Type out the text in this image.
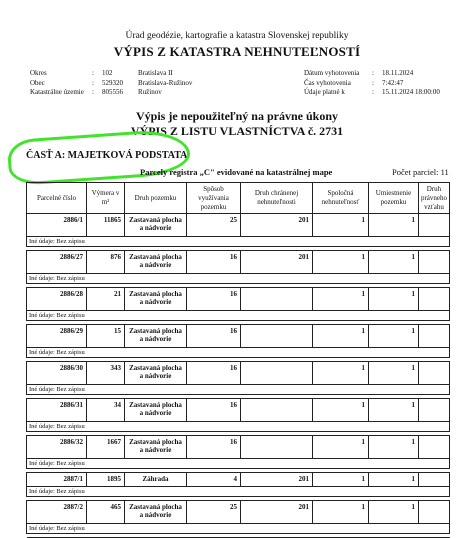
Úrad geodézie, kartografie a katastra Slovenskej republiky
VÝPIS Z KATASTRA NEHNUTEĽNOSTÍ
Okres	:	102	Bratislava II
Obec	:	529320	Bratislava-Ružinov
Katastrálne územie	:	805556	Ružinov
Dátum vyhotovenia	:	18.11.2024
Čas vyhotovenia	:	7:42:47
Údaje platné k	:	15.11.2024 18:00:00
Výpis je nepoužiteľný na právne úkony
VÝPIS Z LISTU VLASTNÍCTVA č. 2731
ČASŤ A: MAJETKOVÁ PODSTATA
Parcely registra „C" evidované na katastrálnej mape	Počet parciel: 11
Parcelné číslo	Výmera v m²	Druh pozemku	Spôsob využívania pozemku	Druh chránenej nehnuteľnosti	Spoločná nehnuteľnosť	Umiestnenie pozemku	Druh právneho vzťahu
2886/1	11865	Zastavaná plocha a nádvorie	25	201	1	1	
Iné údaje: Bez zápisu							

2886/27	876	Zastavaná plocha a nádvorie	16	201	1	1	
Iné údaje: Bez zápisu							

2886/28	21	Zastavaná plocha a nádvorie	16		1	1	
Iné údaje: Bez zápisu							

2886/29	15	Zastavaná plocha a nádvorie	16		1	1	
Iné údaje: Bez zápisu							

2886/30	343	Zastavaná plocha a nádvorie	16		1	1	
Iné údaje: Bez zápisu							

2886/31	34	Zastavaná plocha a nádvorie	16		1	1	
Iné údaje: Bez zápisu							

2886/32	1667	Zastavaná plocha a nádvorie	16		1	1	
Iné údaje: Bez zápisu							

2887/1	1895	Záhrada	4	201	1	1	
Iné údaje: Bez zápisu							

2887/2	465	Zastavaná plocha a nádvorie	25	201	1	1	
Iné údaje: Bez zápisu							
